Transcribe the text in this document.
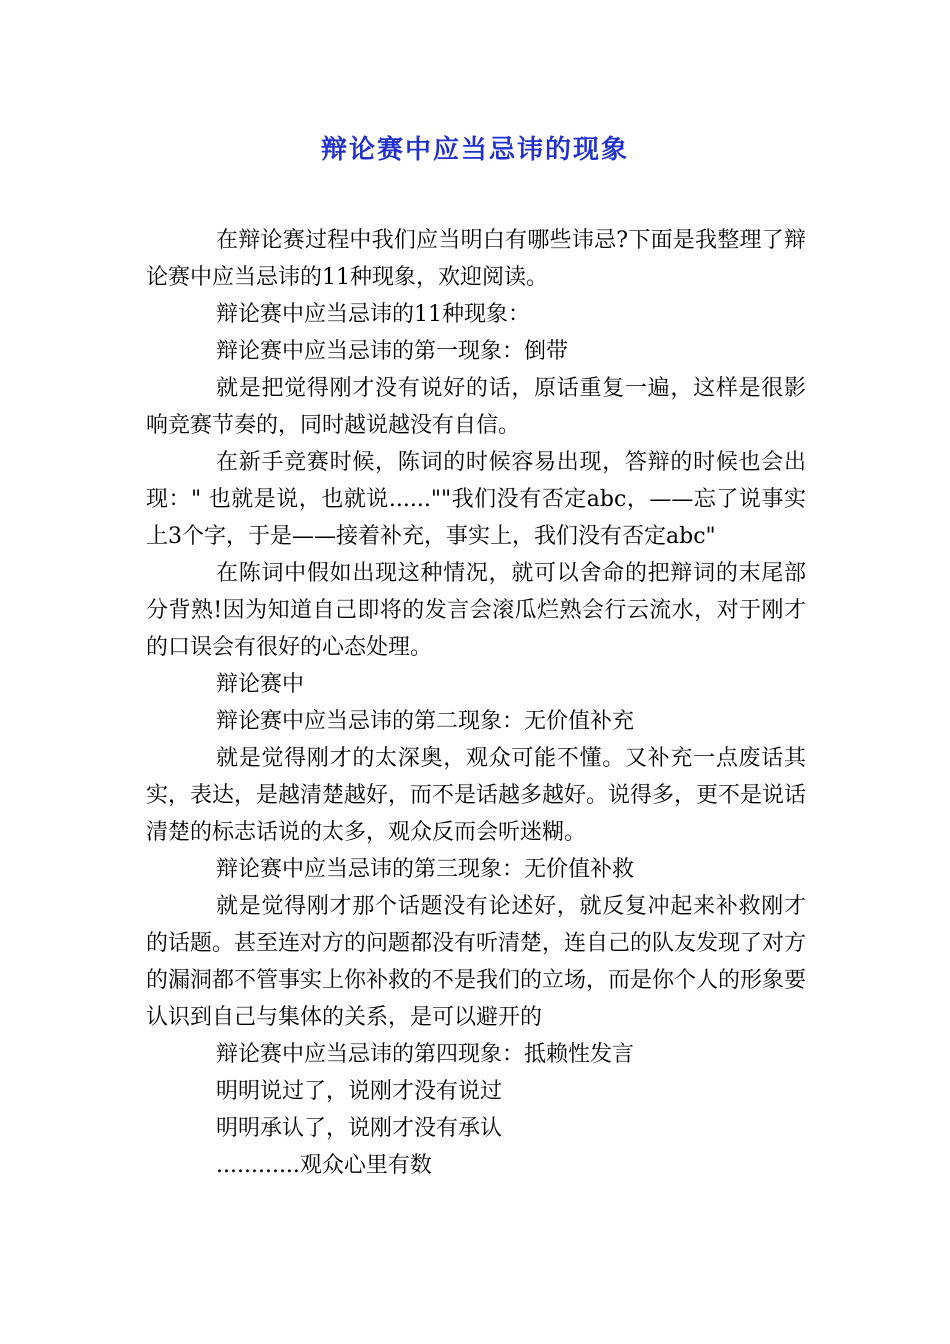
辩论赛中应当忌讳的现象

在辩论赛过程中我们应当明白有哪些讳忌?下面是我整理了辩论赛中应当忌讳的11种现象，欢迎阅读。

辩论赛中应当忌讳的11种现象：

辩论赛中应当忌讳的第一现象：倒带

就是把觉得刚才没有说好的话，原话重复一遍，这样是很影响竞赛节奏的，同时越说越没有自信。

在新手竞赛时候，陈词的时候容易出现，答辩的时候也会出现：" 也就是说，也就说......""我们没有否定abc，——忘了说事实上3个字，于是——接着补充，事实上，我们没有否定abc"

在陈词中假如出现这种情况，就可以舍命的把辩词的末尾部分背熟!因为知道自己即将的发言会滚瓜烂熟会行云流水，对于刚才的口误会有很好的心态处理。

辩论赛中

辩论赛中应当忌讳的第二现象：无价值补充

就是觉得刚才的太深奥，观众可能不懂。又补充一点废话其实，表达，是越清楚越好，而不是话越多越好。说得多，更不是说话清楚的标志话说的太多，观众反而会听迷糊。

辩论赛中应当忌讳的第三现象：无价值补救

就是觉得刚才那个话题没有论述好，就反复冲起来补救刚才的话题。甚至连对方的问题都没有听清楚，连自己的队友发现了对方的漏洞都不管事实上你补救的不是我们的立场，而是你个人的形象要认识到自己与集体的关系，是可以避开的

辩论赛中应当忌讳的第四现象：抵赖性发言

明明说过了，说刚才没有说过

明明承认了，说刚才没有承认

............观众心里有数
